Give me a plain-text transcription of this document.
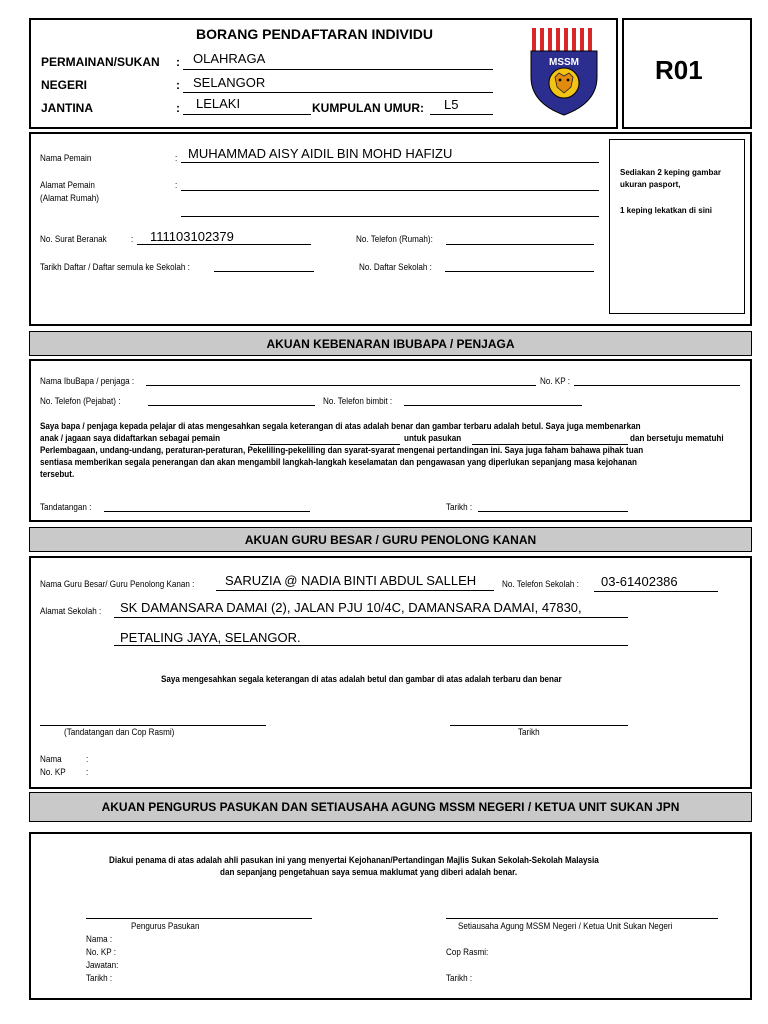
BORANG PENDAFTARAN INDIVIDU
PERMAINAN/SUKAN : OLAHRAGA
NEGERI	: SELANGOR
JANTINA	: LELAKI	KUMPULAN UMUR: L5
MSSM	R01
Sediakan 2 keping gambar
ukuran pasport,
1 keping lekatkan di sini
Nama Pemain	: MUHAMMAD AISY AIDIL BIN MOHD HAFIZU
Alamat Pemain
(Alamat Rumah)
:
No. Surat Beranak	: 111103102379	No. Telefon (Rumah):
Tarikh Daftar / Daftar semula ke Sekolah :	No. Daftar Sekolah :
AKUAN KEBENARAN IBUBAPA / PENJAGA
Nama IbuBapa / penjaga :	No. KP :
No. Telefon (Pejabat) :	No. Telefon bimbit :
Saya bapa / penjaga kepada pelajar di atas mengesahkan segala keterangan di atas adalah benar dan gambar terbaru adalah betul. Saya juga membenarkan
anak / jagaan saya didaftarkan sebagai pemain	untuk pasukan	dan bersetuju mematuhi
Perlembagaan, undang-undang, peraturan-peraturan, Pekeliling-pekeliling dan syarat-syarat mengenai pertandingan ini. Saya juga faham bahawa pihak tuan
sentiasa memberikan segala penerangan dan akan mengambil langkah-langkah keselamatan dan pengawasan yang diperlukan sepanjang masa kejohanan
tersebut.
Tandatangan :	Tarikh :
AKUAN GURU BESAR / GURU PENOLONG KANAN
Nama Guru Besar/ Guru Penolong Kanan : SARUZIA @ NADIA BINTI ABDUL SALLEH	No. Telefon Sekolah : 03-61402386
Alamat Sekolah : SK DAMANSARA DAMAI (2), JALAN PJU 10/4C, DAMANSARA DAMAI, 47830,
PETALING JAYA, SELANGOR.
Saya mengesahkan segala keterangan di atas adalah betul dan gambar di atas adalah terbaru dan benar
(Tandatangan dan Cop Rasmi)	Tarikh
Nama	:
No. KP :
AKUAN PENGURUS PASUKAN DAN SETIAUSAHA AGUNG MSSM NEGERI / KETUA UNIT SUKAN JPN
Diakui penama di atas adalah ahli pasukan ini yang menyertai Kejohanan/Pertandingan Majlis Sukan Sekolah-Sekolah Malaysia
dan sepanjang pengetahuan saya semua maklumat yang diberi adalah benar.
Pengurus Pasukan	Setiausaha Agung MSSM Negeri / Ketua Unit Sukan Negeri
Nama :
No. KP :
Jawatan:
Tarikh :
Cop Rasmi:
Tarikh :
